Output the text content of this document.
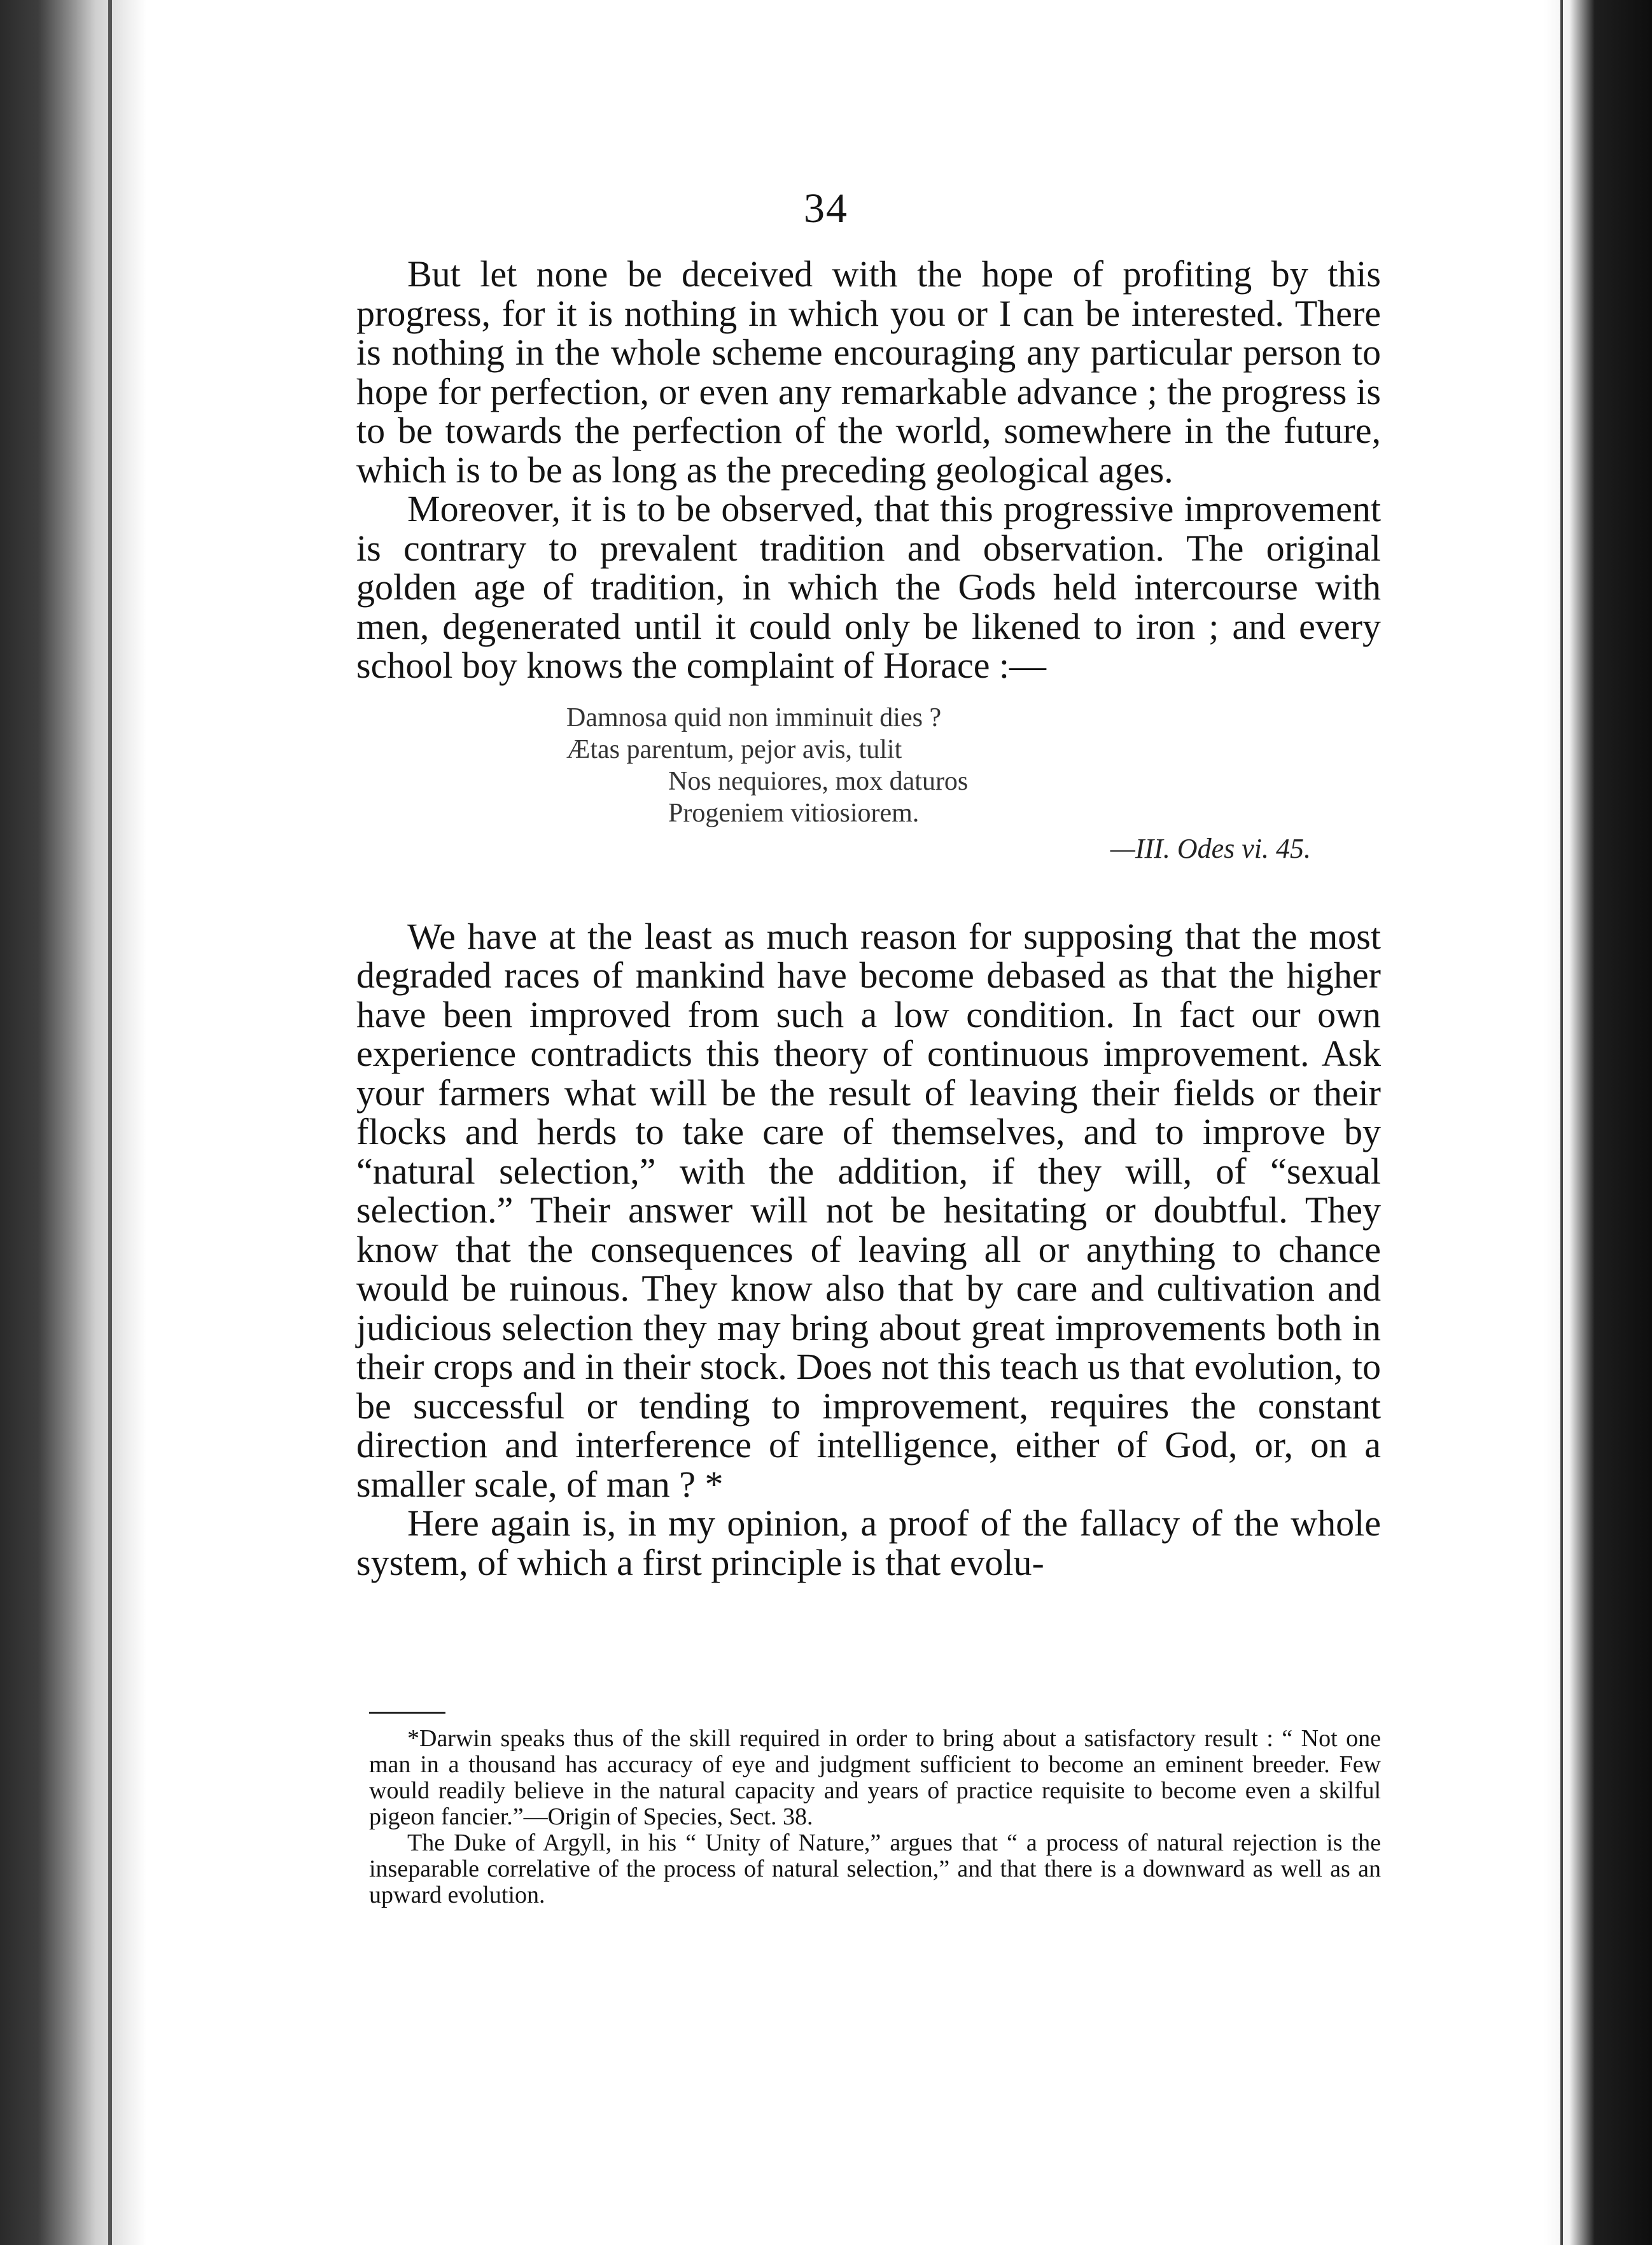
34

But let none be deceived with the hope of profiting by this progress, for it is nothing in which you or I can be interested. There is nothing in the whole scheme encouraging any particular person to hope for perfection, or even any remarkable advance ; the progress is to be towards the perfection of the world, somewhere in the future, which is to be as long as the preceding geological ages.

Moreover, it is to be observed, that this progressive improvement is contrary to prevalent tradition and observation. The original golden age of tradition, in which the Gods held intercourse with men, degenerated until it could only be likened to iron ; and every school boy knows the complaint of Horace :—

Damnosa quid non imminuit dies ?
Ætas parentum, pejor avis, tulit
Nos nequiores, mox daturos
Progeniem vitiosiorem.
—III. Odes vi. 45.

We have at the least as much reason for supposing that the most degraded races of mankind have become debased as that the higher have been improved from such a low condition. In fact our own experience contradicts this theory of continuous improvement. Ask your farmers what will be the result of leaving their fields or their flocks and herds to take care of themselves, and to improve by “natural selection,” with the addition, if they will, of “sexual selection.” Their answer will not be hesitating or doubtful. They know that the consequences of leaving all or anything to chance would be ruinous. They know also that by care and cultivation and judicious selection they may bring about great improvements both in their crops and in their stock. Does not this teach us that evolution, to be successful or tending to improvement, requires the constant direction and interference of intelligence, either of God, or, on a smaller scale, of man ? *

Here again is, in my opinion, a proof of the fallacy of the whole system, of which a first principle is that evolu-

*Darwin speaks thus of the skill required in order to bring about a satisfactory result : “ Not one man in a thousand has accuracy of eye and judgment sufficient to become an eminent breeder. Few would readily believe in the natural capacity and years of practice requisite to become even a skilful pigeon fancier.”—Origin of Species, Sect. 38.

The Duke of Argyll, in his “ Unity of Nature,” argues that “ a process of natural rejection is the inseparable correlative of the process of natural selection,” and that there is a downward as well as an upward evolution.
